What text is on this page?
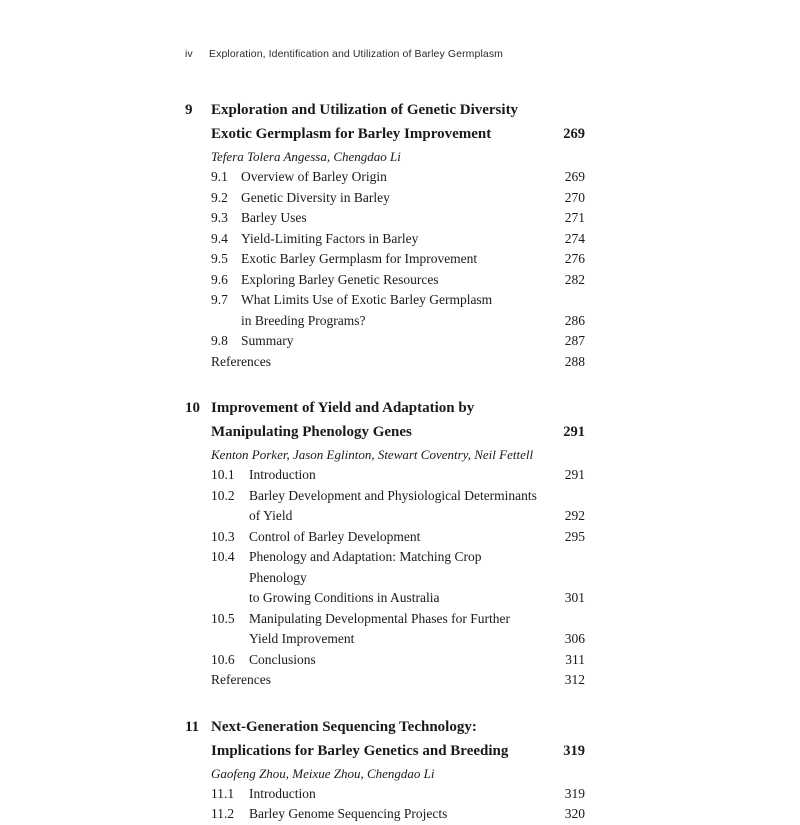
iv Exploration, Identification and Utilization of Barley Germplasm
9	Exploration and Utilization of Genetic Diversity
Exotic Germplasm for Barley Improvement	269
Tefera Tolera Angessa, Chengdao Li
9.1 Overview of Barley Origin	269
9.2 Genetic Diversity in Barley	270
9.3 Barley Uses	271
9.4 Yield-Limiting Factors in Barley	274
9.5 Exotic Barley Germplasm for Improvement	276
9.6 Exploring Barley Genetic Resources	282
9.7 What Limits Use of Exotic Barley Germplasm
in Breeding Programs?	286
9.8 Summary	287
References	288
10 Improvement of Yield and Adaptation by
Manipulating Phenology Genes	291
Kenton Porker, Jason Eglinton, Stewart Coventry, Neil Fettell
10.1	Introduction	291
10.2	Barley Development and Physiological Determinants
of Yield	292
10.3	Control of Barley Development	295
10.4	Phenology and Adaptation: Matching Crop Phenology
to Growing Conditions in Australia	301
10.5	Manipulating Developmental Phases for Further
Yield Improvement	306
10.6	Conclusions	311
References	312
11 Next-Generation Sequencing Technology:
Implications for Barley Genetics and Breeding	319
Gaofeng Zhou, Meixue Zhou, Chengdao Li
11.1	Introduction	319
11.2	Barley Genome Sequencing Projects	320
